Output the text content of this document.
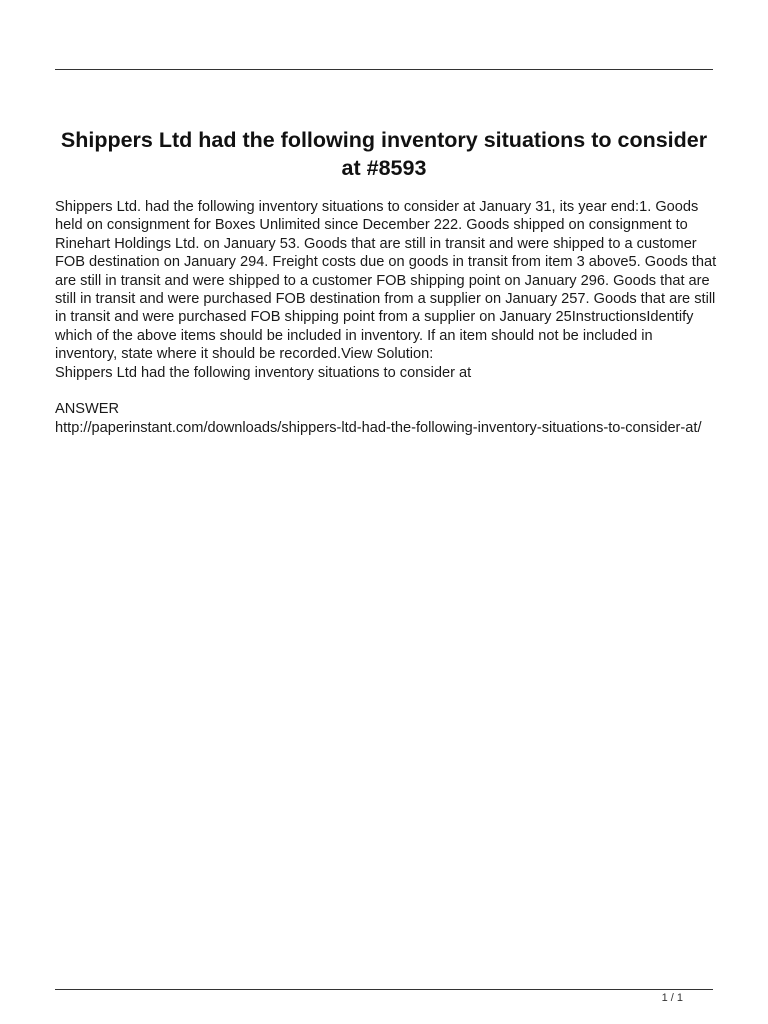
Shippers Ltd had the following inventory situations to consider at #8593

Shippers Ltd. had the following inventory situations to consider at January 31, its year end:1. Goods held on consignment for Boxes Unlimited since December 222. Goods shipped on consignment to Rinehart Holdings Ltd. on January 53. Goods that are still in transit and were shipped to a customer FOB destination on January 294. Freight costs due on goods in transit from item 3 above5. Goods that are still in transit and were shipped to a customer FOB shipping point on January 296. Goods that are still in transit and were purchased FOB destination from a supplier on January 257. Goods that are still in transit and were purchased FOB shipping point from a supplier on January 25InstructionsIdentify which of the above items should be included in inventory. If an item should not be included in inventory, state where it should be recorded.View Solution:

Shippers Ltd had the following inventory situations to consider at

ANSWER

http://paperinstant.com/downloads/shippers-ltd-had-the-following-inventory-situations-to-consider-at/

1 / 1
